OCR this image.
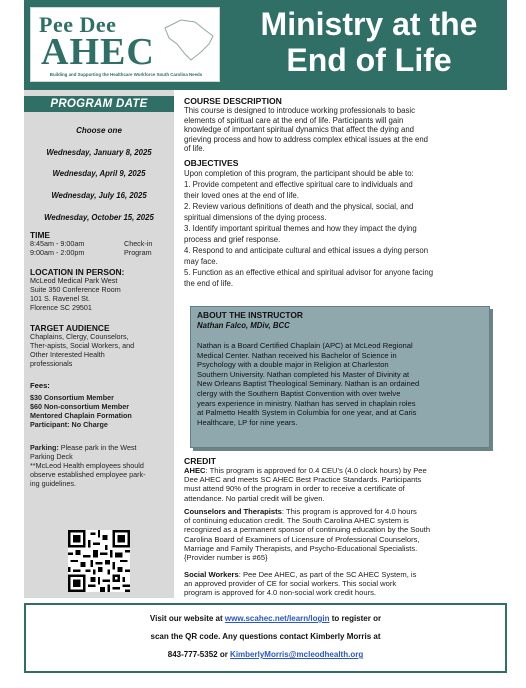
Pee Dee
AHEC
Building and Supporting the Healthcare Workforce South Carolina Needs
Ministry at the
End of Life
PROGRAM DATE
Choose one
Wednesday, January 8, 2025
Wednesday, April 9, 2025
Wednesday, July 16, 2025
Wednesday, October 15, 2025
TIME
8:45am - 9:00am	Check-in
9:00am - 2:00pm	Program
LOCATION IN PERSON:
McLeod Medical Park West
Suite 350 Conference Room
101 S. Ravenel St.
Florence SC 29501
TARGET AUDIENCE
Chaplains, Clergy, Counselors,
Ther-apists, Social Workers, and
Other Interested Health
professionals
Fees:
$30 Consortium Member
$60 Non-consortium Member
Mentored Chaplain Formation
Participant: No Charge
Parking: Please park in the West
Parking Deck
**McLeod Health employees should
observe established employee park-
ing guidelines.
COURSE DESCRIPTION
This course is designed to introduce working professionals to basic
elements of spiritual care at the end of life. Participants will gain
knowledge of important spiritual dynamics that affect the dying and
grieving process and how to address complex ethical issues at the end
of life.
OBJECTIVES
Upon completion of this program, the participant should be able to:
1. Provide competent and effective spiritual care to individuals and
their loved ones at the end of life.
2. Review various definitions of death and the physical, social, and
spiritual dimensions of the dying process.
3. Identify important spiritual themes and how they impact the dying
process and grief response.
4. Respond to and anticipate cultural and ethical issues a dying person
may face.
5. Function as an effective ethical and spiritual advisor for anyone facing
the end of life.
ABOUT THE INSTRUCTOR
Nathan Falco, MDiv, BCC
Nathan is a Board Certified Chaplain (APC) at McLeod Regional
Medical Center. Nathan received his Bachelor of Science in
Psychology with a double major in Religion at Charleston
Southern University. Nathan completed his Master of Divinity at
New Orleans Baptist Theological Seminary. Nathan is an ordained
clergy with the Southern Baptist Convention with over twelve
years experience in ministry. Nathan has served in chaplain roles
at Palmetto Health System in Columbia for one year, and at Caris
Healthcare, LP for nine years.
CREDIT
AHEC: This program is approved for 0.4 CEU's (4.0 clock hours) by Pee
Dee AHEC and meets SC AHEC Best Practice Standards. Participants
must attend 90% of the program in order to receive a certificate of
attendance. No partial credit will be given.
Counselors and Therapists: This program is approved for 4.0 hours
of continuing education credit. The South Carolina AHEC system is
recognized as a permanent sponsor of continuing education by the South
Carolina Board of Examiners of Licensure of Professional Counselors,
Marriage and Family Therapists, and Psycho-Educational Specialists.
{Provider number is #65}
Social Workers: Pee Dee AHEC, as part of the SC AHEC System, is
an approved provider of CE for social workers. This social work
program is approved for 4.0 non-social work credit hours.
Visit our website at www.scahec.net/learn/login to register or
scan the QR code. Any questions contact Kimberly Morris at
843-777-5352 or KimberlyMorris@mcleodhealth.org
